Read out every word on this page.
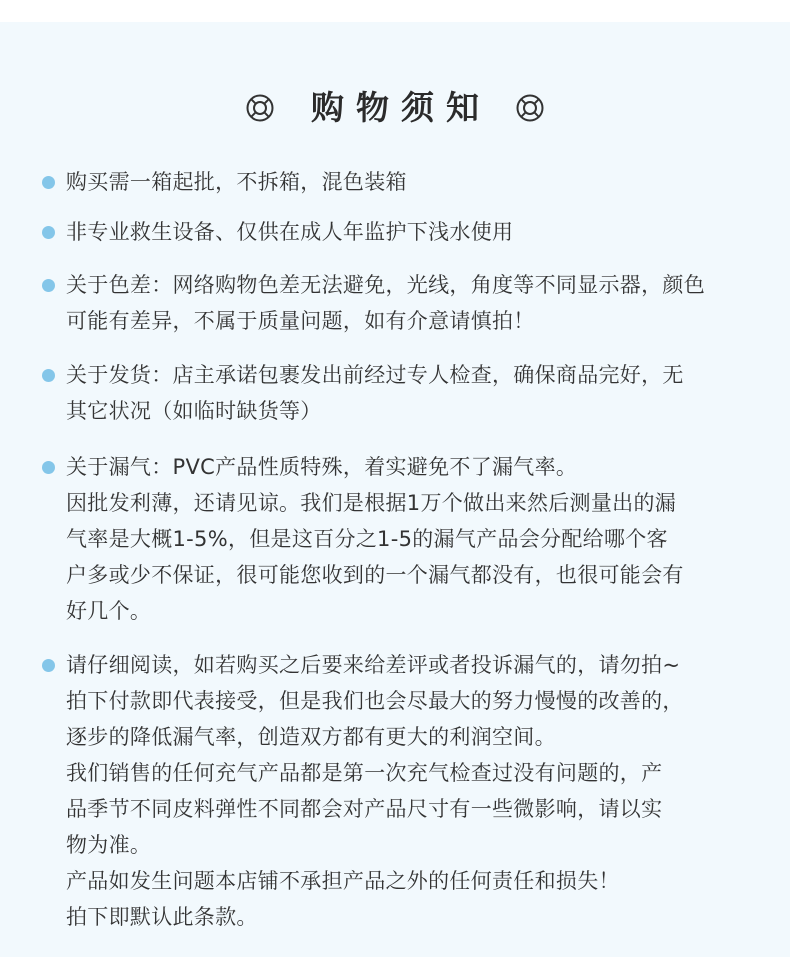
购物须知
购买需一箱起批，不拆箱，混色装箱
非专业救生设备、仅供在成人年监护下浅水使用
关于色差：网络购物色差无法避免，光线，角度等不同显示器，颜色
可能有差异，不属于质量问题，如有介意请慎拍！
关于发货：店主承诺包裹发出前经过专人检查，确保商品完好，无
其它状况（如临时缺货等）
关于漏气：PVC产品性质特殊，着实避免不了漏气率。
因批发利薄，还请见谅。我们是根据1万个做出来然后测量出的漏
气率是大概1-5%，但是这百分之1-5的漏气产品会分配给哪个客
户多或少不保证，很可能您收到的一个漏气都没有，也很可能会有
好几个。
请仔细阅读，如若购买之后要来给差评或者投诉漏气的，请勿拍~
拍下付款即代表接受，但是我们也会尽最大的努力慢慢的改善的，
逐步的降低漏气率，创造双方都有更大的利润空间。
我们销售的任何充气产品都是第一次充气检查过没有问题的，产
品季节不同皮料弹性不同都会对产品尺寸有一些微影响，请以实
物为准。
产品如发生问题本店铺不承担产品之外的任何责任和损失！
拍下即默认此条款。
